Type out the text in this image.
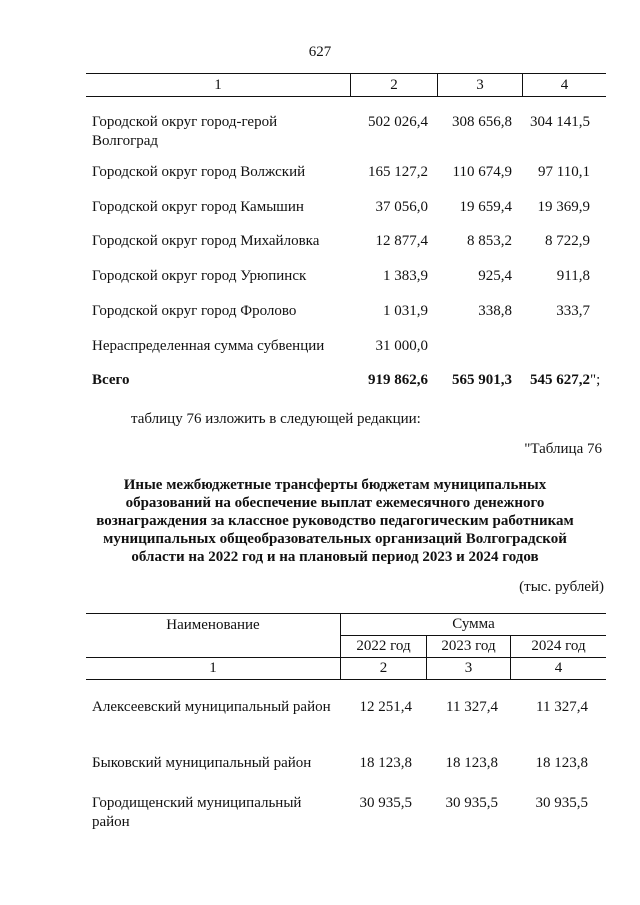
627
1	2	3	4
Городской округ город-герой Волгоград
502 026,4	308 656,8	304 141,5
Городской округ город Волжский	165 127,2	110 674,9	97 110,1
Городской округ город Камышин	37 056,0	19 659,4	19 369,9
Городской округ город Михайловка	12 877,4	8 853,2	8 722,9
Городской округ город Урюпинск	1 383,9	925,4	911,8
Городской округ город Фролово	1 031,9	338,8	333,7
Нераспределенная сумма субвенции	31 000,0
Всего	919 862,6	565 901,3	545 627,2 ";
таблицу 76 изложить в следующей редакции:
"Таблица 76
Иные межбюджетные трансферты бюджетам муниципальных
образований на обеспечение выплат ежемесячного денежного
вознаграждения за классное руководство педагогическим работникам
муниципальных общеобразовательных организаций Волгоградской
области на 2022 год и на плановый период 2023 и 2024 годов
(тыс. рублей)
Наименование	Сумма
2022 год	2023 год	2024 год
1	2	3	4
Алексеевский муниципальный район	12 251,4	11 327,4	11 327,4
Быковский муниципальный район	18 123,8	18 123,8	18 123,8
Городищенский муниципальный район
30 935,5	30 935,5	30 935,5
